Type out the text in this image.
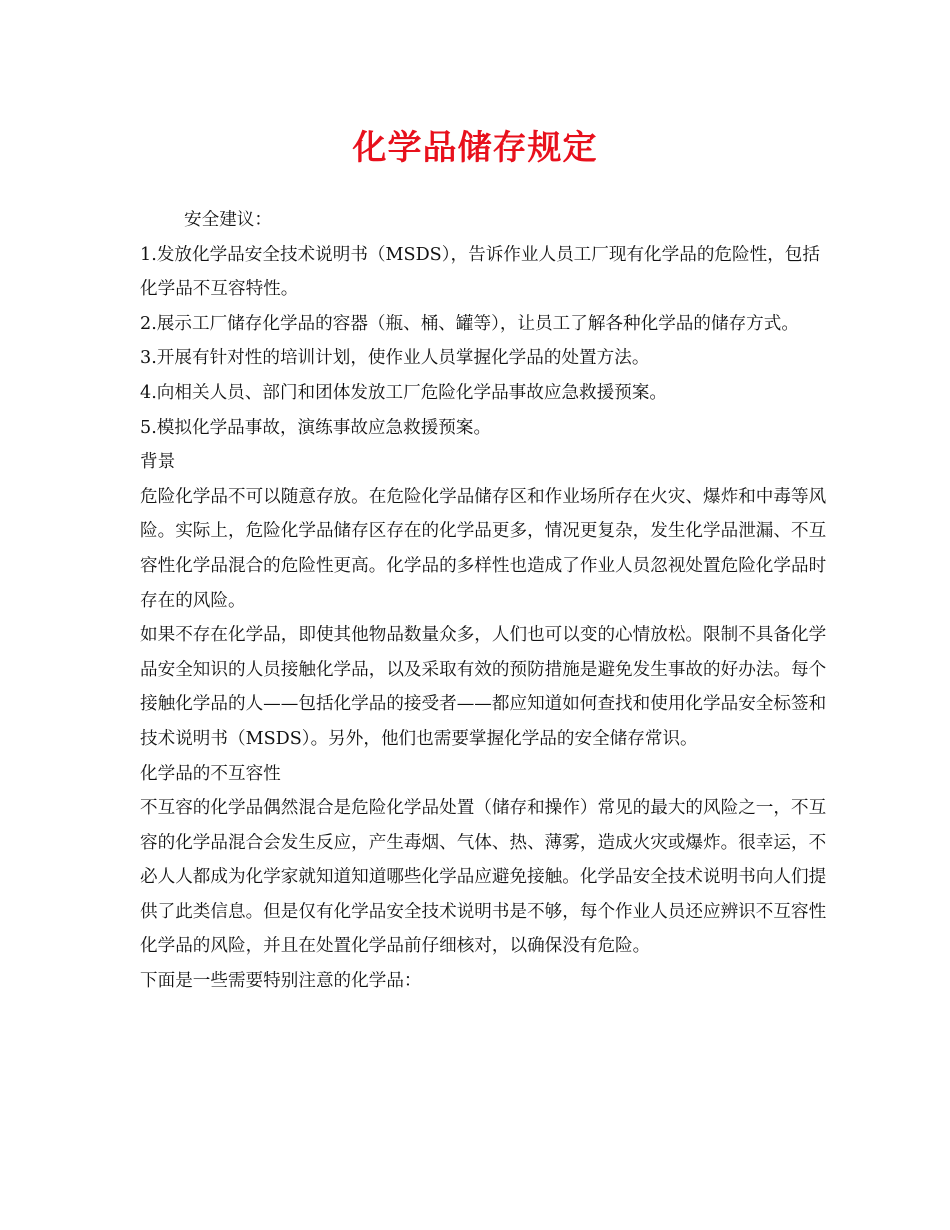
化学品储存规定

安全建议：

1.发放化学品安全技术说明书（MSDS），告诉作业人员工厂现有化学品的危险性，包括化学品不互容特性。

2.展示工厂储存化学品的容器（瓶、桶、罐等），让员工了解各种化学品的储存方式。

3.开展有针对性的培训计划，使作业人员掌握化学品的处置方法。

4.向相关人员、部门和团体发放工厂危险化学品事故应急救援预案。

5.模拟化学品事故，演练事故应急救援预案。

背景

危险化学品不可以随意存放。在危险化学品储存区和作业场所存在火灾、爆炸和中毒等风险。实际上，危险化学品储存区存在的化学品更多，情况更复杂，发生化学品泄漏、不互容性化学品混合的危险性更高。化学品的多样性也造成了作业人员忽视处置危险化学品时存在的风险。

如果不存在化学品，即使其他物品数量众多，人们也可以变的心情放松。限制不具备化学品安全知识的人员接触化学品，以及采取有效的预防措施是避免发生事故的好办法。每个接触化学品的人——包括化学品的接受者——都应知道如何查找和使用化学品安全标签和技术说明书（MSDS）。另外，他们也需要掌握化学品的安全储存常识。

化学品的不互容性

不互容的化学品偶然混合是危险化学品处置（储存和操作）常见的最大的风险之一，不互容的化学品混合会发生反应，产生毒烟、气体、热、薄雾，造成火灾或爆炸。很幸运，不必人人都成为化学家就知道知道哪些化学品应避免接触。化学品安全技术说明书向人们提供了此类信息。但是仅有化学品安全技术说明书是不够，每个作业人员还应辨识不互容性化学品的风险，并且在处置化学品前仔细核对，以确保没有危险。

下面是一些需要特别注意的化学品：
